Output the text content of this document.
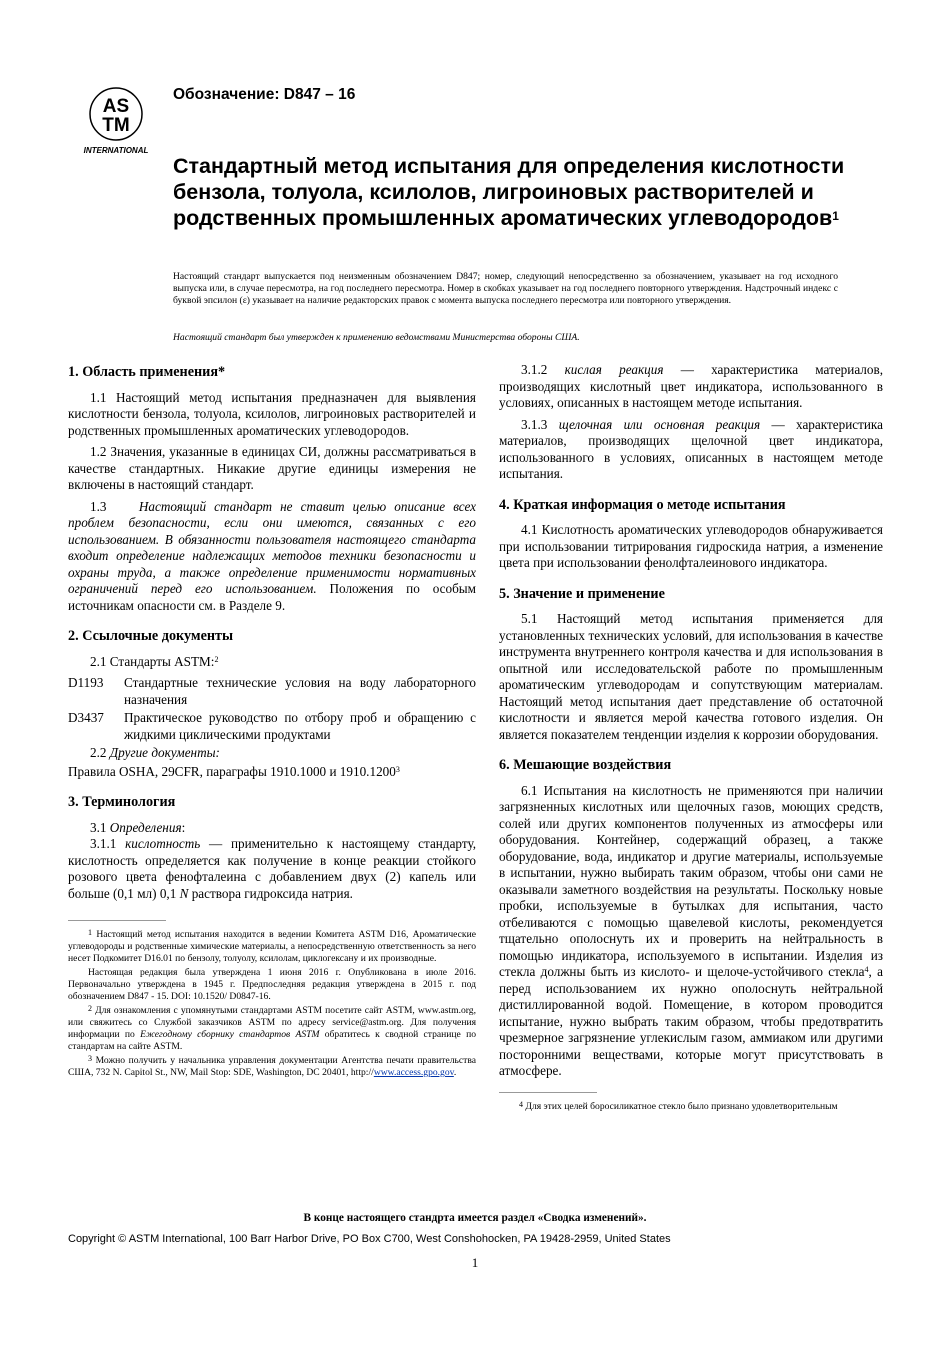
AS
TM
INTERNATIONAL
Обозначение: D847 – 16
Стандартный метод испытания для определения кислотности бензола, толуола, ксилолов, лигроиновых растворителей и родственных промышленных ароматических углеводородов$^1$
Настоящий стандарт выпускается под неизменным обозначением D847; номер, следующий непосредственно за обозначением, указывает на год исходного выпуска или, в случае пересмотра, на год последнего пересмотра. Номер в скобках указывает на год последнего повторного утверждения. Надстрочный индекс с буквой эпсилон (ε) указывает на наличие редакторских правок с момента выпуска последнего пересмотра или повторного утверждения.
Настоящий стандарт был утвержден к применению ведомствами Министерства обороны США.
1. Область применения*

1.1 Настоящий метод испытания предназначен для выявления кислотности бензола, толуола, ксилолов, лигроиновых растворителей и родственных промышленных ароматических углеводородов.

1.2 Значения, указанные в единицах СИ, должны рассматриваться в качестве стандартных. Никакие другие единицы измерения не включены в настоящий стандарт.

1.3 Настоящий стандарт не ставит целью описание всех проблем безопасности, если они имеются, связанных с его использованием. В обязанности пользователя настоящего стандарта входит определение надлежащих методов техники безопасности и охраны труда, а также определение применимости нормативных ограничений перед его использованием. Положения по особым источникам опасности см. в Разделе 9.

2. Ссылочные документы

2.1 Стандарты ASTM:$^2$

D1193 Стандартные технические условия на воду лабораторного назначения

D3437 Практическое руководство по отбору проб и обращению с жидкими циклическими продуктами

2.2 Другие документы:

Правила OSHA, 29CFR, параграфы 1910.1000 и 1910.1200$^3$

3. Терминология

3.1 Определения:

3.1.1 кислотность — применительно к настоящему стандарту, кислотность определяется как получение в конце реакции стойкого розового цвета фенофталеина с добавлением двух (2) капель или больше (0,1 мл) 0,1 N раствора гидроксида натрия.

$^1$ Настоящий метод испытания находится в ведении Комитета ASTM D16, Ароматические углеводороды и родственные химические материалы, а непосредственную ответственность за него несет Подкомитет D16.01 по бензолу, толуолу, ксилолам, циклогексану и их производные.

Настоящая редакция была утверждена 1 июня 2016 г. Опубликована в июле 2016. Первоначально утверждена в 1945 г. Предпоследняя редакция утверждена в 2015 г. под обозначением D847 - 15. DOI: 10.1520/ D0847-16.

$^2$ Для ознакомления с упомянутыми стандартами ASTM посетите сайт ASTM, www.astm.org, или свяжитесь со Службой заказчиков ASTM по адресу service@astm.org. Для получения информации по Ежегодному сборнику стандартов ASTM обратитесь к сводной странице по стандартам на сайте ASTM.

$^3$ Можно получить у начальника управления документации Агентства печати правительства США, 732 N. Capitol St., NW, Mail Stop: SDE, Washington, DC 20401, http://www.access.gpo.gov.

3.1.2 кислая реакция — характеристика материалов, производящих кислотный цвет индикатора, использованного в условиях, описанных в настоящем методе испытания.

3.1.3 щелочная или основная реакция — характеристика материалов, производящих щелочной цвет индикатора, использованного в условиях, описанных в настоящем методе испытания.

4. Краткая информация о методе испытания

4.1 Кислотность ароматических углеводородов обнаруживается при использовании титрирования гидроскида натрия, а изменение цвета при использовании фенолфталеинового индикатора.

5. Значение и применение

5.1 Настоящий метод испытания применяется для установленных технических условий, для использования в качестве инструмента внутреннего контроля качества и для использования в опытной или исследовательской работе по промышленным ароматическим углеводородам и сопутствующим материалам. Настоящий метод испытания дает представление об остаточной кислотности и является мерой качества готового изделия. Он является показателем тенденции изделия к коррозии оборудования.

6. Мешающие воздействия

6.1 Испытания на кислотность не применяются при наличии загрязненных кислотных или щелочных газов, моющих средств, солей или других компонентов полученных из атмосферы или оборудования. Контейнер, содержащий образец, а также оборудование, вода, индикатор и другие материалы, используемые в испытании, нужно выбирать таким образом, чтобы они сами не оказывали заметного воздействия на результаты. Поскольку новые пробки, используемые в бутылках для испытания, часто отбеливаются с помощью щавелевой кислоты, рекомендуется тщательно ополоснуть их и проверить на нейтральность в помощью индикатора, используемого в испытании. Изделия из стекла должны быть из кислото- и щелоче-устойчивого стекла$^4$, а перед использованием их нужно ополоснуть нейтральной дистиллированной водой. Помещение, в котором проводится испытание, нужно выбрать таким образом, чтобы предотвратить чрезмерное загрязнение углекислым газом, аммиаком или другими посторонними веществами, которые могут присутствовать в атмосфере.

$^4$ Для этих целей боросиликатное стекло было признано удовлетворительным

В конце настоящего стандрта имеется раздел «Сводка изменений».
Copyright © ASTM International, 100 Barr Harbor Drive, PO Box C700, West Conshohocken, PA 19428-2959, United States
1
